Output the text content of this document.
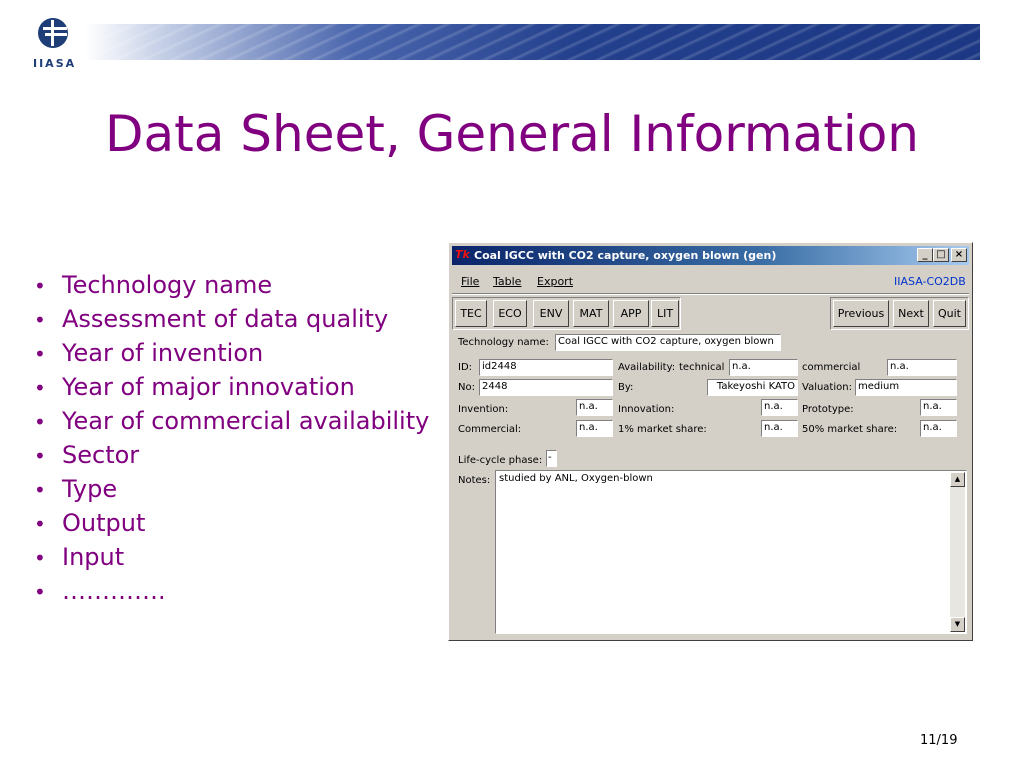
IIASA
Data Sheet, General Information
• Technology name
• Assessment of data quality
• Year of invention
• Year of major innovation
• Year of commercial availability
• Sector
• Type
• Output
• Input
• ………….
11/19
Tk Coal IGCC with CO2 capture, oxygen blown (gen)	_ □ ×
File Table Export	IIASA-CO2DB
TEC	ECO	ENV	MAT	APP	LIT	Previous	Next	Quit
Technology name: Coal IGCC with CO2 capture, oxygen blown
ID: id2448	Availability: technical n.a.	commercial	n.a.
No: 2448	By:	Takeyoshi KATO Valuation: medium
Invention:	n.a.	Innovation:	n.a.	Prototype:	n.a.
Commercial:	n.a.	1% market share:	n.a.	50% market share:	n.a.
Life-cycle phase: -
Notes: studied by ANL, Oxygen-blown	▲
▼
